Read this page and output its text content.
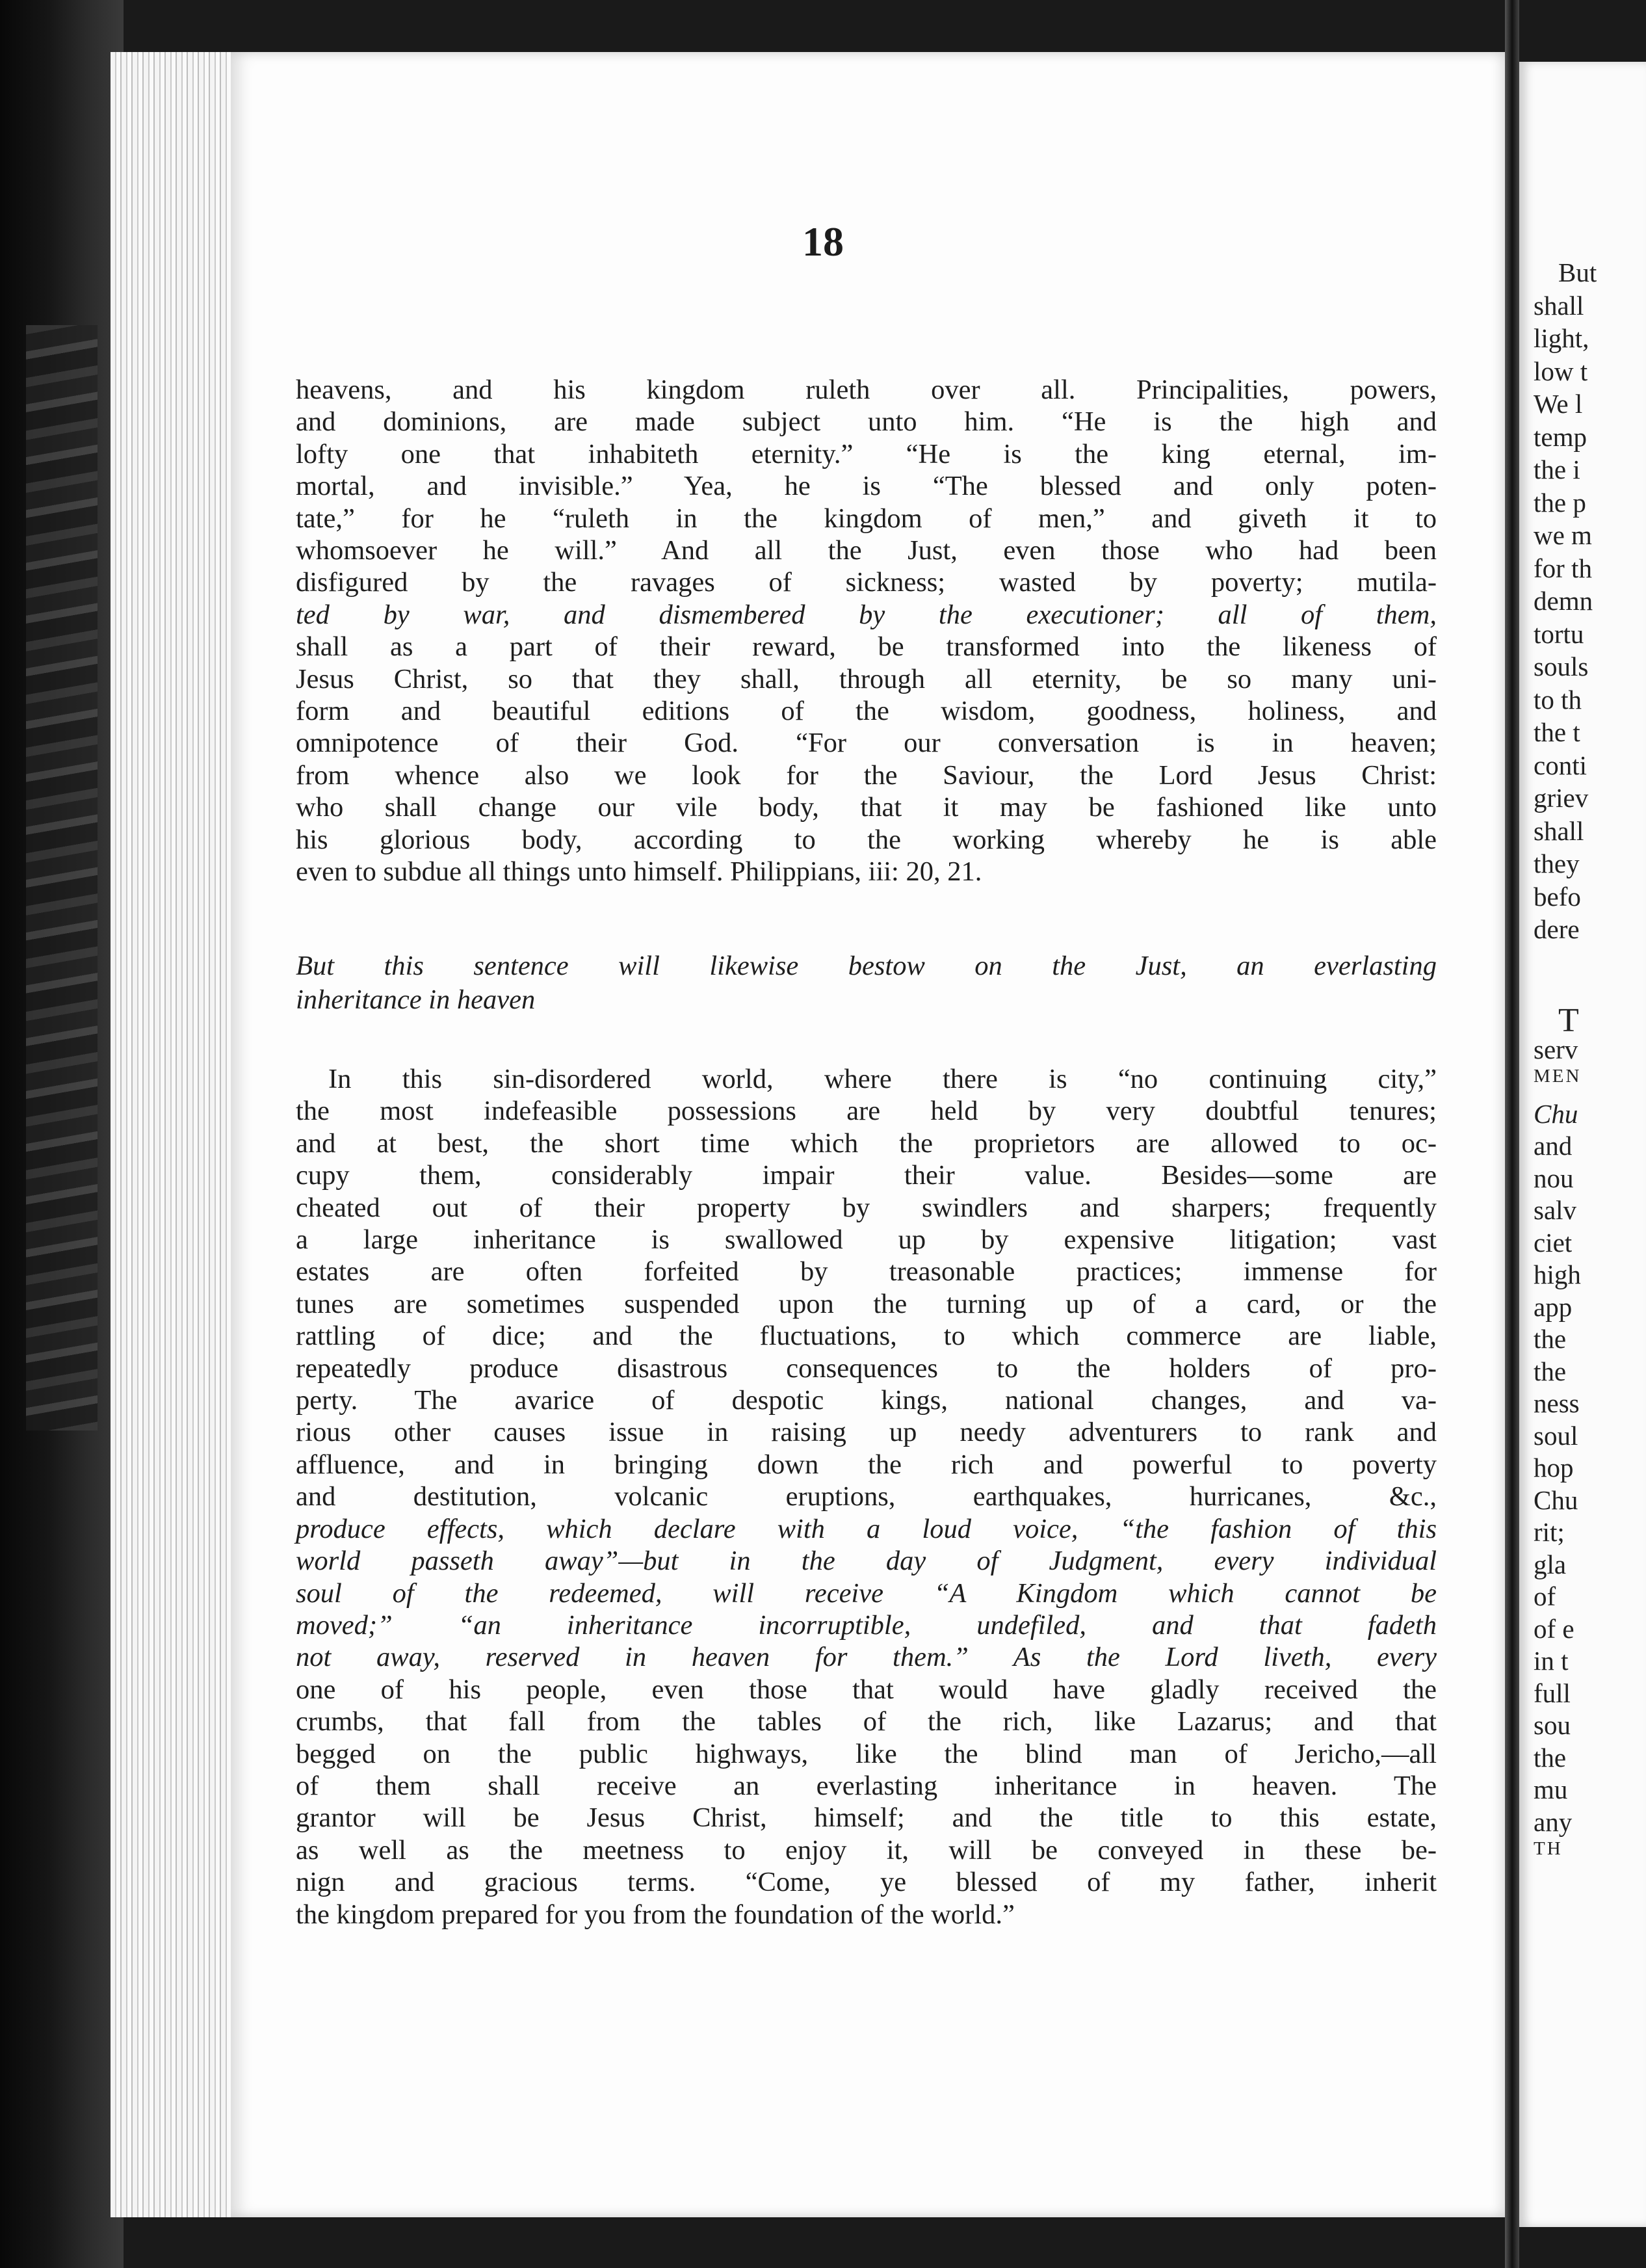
18
heavens, and his kingdom ruleth over all. Principalities, powers,
and dominions, are made subject unto him. “He is the high and
lofty one that inhabiteth eternity.” “He is the king eternal, im-
mortal, and invisible.” Yea, he is “The blessed and only poten-
tate,” for he “ruleth in the kingdom of men,” and giveth it to
whomsoever he will.” And all the Just, even those who had been
disfigured by the ravages of sickness; wasted by poverty; mutila-
ted by war, and dismembered by the executioner; all of them,
shall as a part of their reward, be transformed into the likeness of
Jesus Christ, so that they shall, through all eternity, be so many uni-
form and beautiful editions of the wisdom, goodness, holiness, and
omnipotence of their God. “For our conversation is in heaven;
from whence also we look for the Saviour, the Lord Jesus Christ:
who shall change our vile body, that it may be fashioned like unto
his glorious body, according to the working whereby he is able
even to subdue all things unto himself. Philippians, iii: 20, 21.
But this sentence will likewise bestow on the Just, an everlasting
inheritance in heaven
In this sin-disordered world, where there is “no continuing city,”
the most indefeasible possessions are held by very doubtful tenures;
and at best, the short time which the proprietors are allowed to oc-
cupy them, considerably impair their value. Besides—some are
cheated out of their property by swindlers and sharpers; frequently
a large inheritance is swallowed up by expensive litigation; vast
estates are often forfeited by treasonable practices; immense for
tunes are sometimes suspended upon the turning up of a card, or the
rattling of dice; and the fluctuations, to which commerce are liable,
repeatedly produce disastrous consequences to the holders of pro-
perty. The avarice of despotic kings, national changes, and va-
rious other causes issue in raising up needy adventurers to rank and
affluence, and in bringing down the rich and powerful to poverty
and destitution, volcanic eruptions, earthquakes, hurricanes, &c.,
produce effects, which declare with a loud voice, “the fashion of this
world passeth away”—but in the day of Judgment, every individual
soul of the redeemed, will receive “A Kingdom which cannot be
moved;” “an inheritance incorruptible, undefiled, and that fadeth
not away, reserved in heaven for them.” As the Lord liveth, every
one of his people, even those that would have gladly received the
crumbs, that fall from the tables of the rich, like Lazarus; and that
begged on the public highways, like the blind man of Jericho,—all
of them shall receive an everlasting inheritance in heaven. The
grantor will be Jesus Christ, himself; and the title to this estate,
as well as the meetness to enjoy it, will be conveyed in these be-
nign and gracious terms. “Come, ye blessed of my father, inherit
the kingdom prepared for you from the foundation of the world.”
But
shall
light,
low t
We l
temp
the i
the p
we m
for th
demn
tortu
souls
to th
the t
conti
griev
shall
they
befo
dere
T
serv
MEN
Chu
and
nou
salv
ciet
high
app
the
the
ness
soul
hop
Chu
rit;
gla
of
of e
in t
full
sou
the
mu
any
TH
